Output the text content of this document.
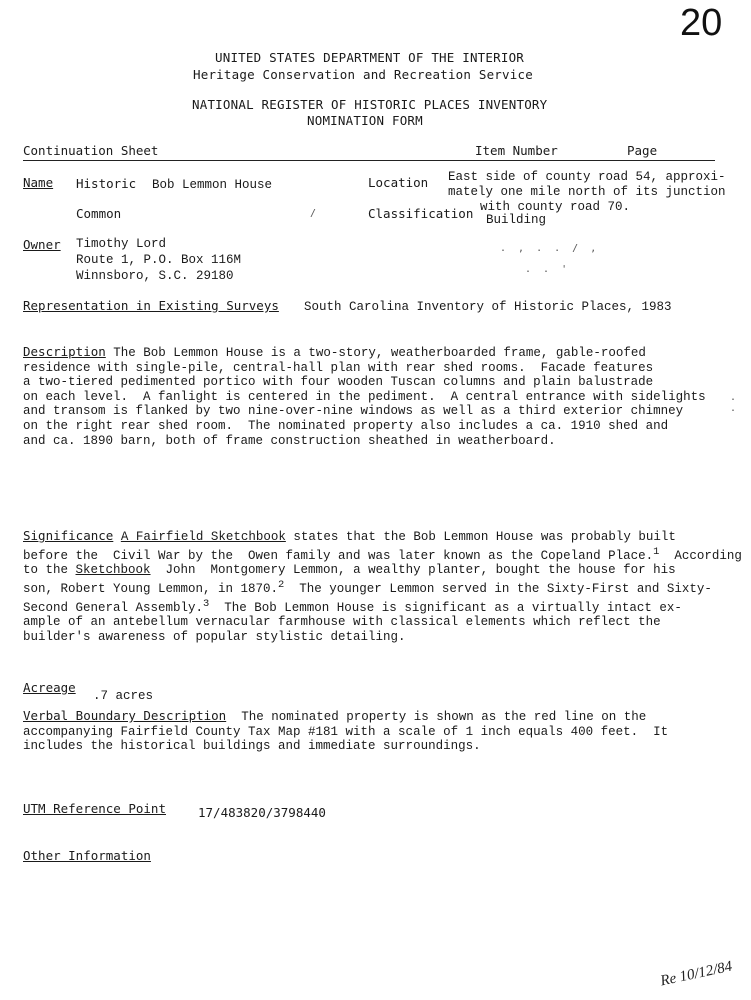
20
UNITED STATES DEPARTMENT OF THE INTERIOR
Heritage Conservation and Recreation Service
NATIONAL REGISTER OF HISTORIC PLACES INVENTORY
NOMINATION FORM
Continuation Sheet	Item Number	Page
Name Historic Bob Lemmon House
Common
Location East side of county road 54, approxi-
mately one mile north of its junction
with county road 70.
Classification Building
Owner Timothy Lord
Route 1, P.O. Box 116M
Winnsboro, S.C. 29180
. , . . / ,
. . '
/
. .
Representation in Existing Surveys South Carolina Inventory of Historic Places, 1983
Description The Bob Lemmon House is a two-story, weatherboarded frame, gable-roofed
residence with single-pile, central-hall plan with rear shed rooms.  Facade features
a two-tiered pedimented portico with four wooden Tuscan columns and plain balustrade
on each level.  A fanlight is centered in the pediment.  A central entrance with sidelights
and transom is flanked by two nine-over-nine windows as well as a third exterior chimney
on the right rear shed room.  The nominated property also includes a ca. 1910 shed and
and ca. 1890 barn, both of frame construction sheathed in weatherboard.
Significance A Fairfield Sketchbook states that the Bob Lemmon House was probably built
before the  Civil War by the  Owen family and was later known as the Copeland Place.$^1$  According
to the Sketchbook  John  Montgomery Lemmon, a wealthy planter, bought the house for his
son, Robert Young Lemmon, in 1870.$^2$  The younger Lemmon served in the Sixty-First and Sixty-
Second General Assembly.$^3$  The Bob Lemmon House is significant as a virtually intact ex-
ample of an antebellum vernacular farmhouse with classical elements which reflect the
builder's awareness of popular stylistic detailing.
Acreage
.7 acres
Verbal Boundary Description  The nominated property is shown as the red line on the
accompanying Fairfield County Tax Map #181 with a scale of 1 inch equals 400 feet.  It
includes the historical buildings and immediate surroundings.
UTM Reference Point	17/483820/3798440
Other Information
Re 10/12/84
